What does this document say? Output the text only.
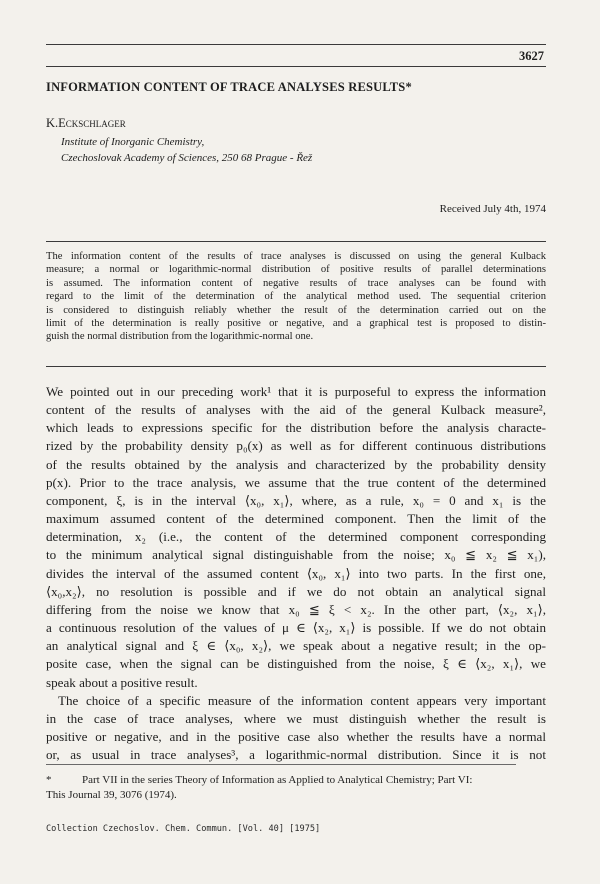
3627
INFORMATION CONTENT OF TRACE ANALYSES RESULTS*
K.Eckschlager
Institute of Inorganic Chemistry,
Czechoslovak Academy of Sciences, 250 68 Prague - Řež
Received July 4th, 1974
The information content of the results of trace analyses is discussed on using the general Kulback
measure; a normal or logarithmic-normal distribution of positive results of parallel determinations
is assumed. The information content of negative results of trace analyses can be found with
regard to the limit of the determination of the analytical method used. The sequential criterion
is considered to distinguish reliably whether the result of the determination carried out on the
limit of the determination is really positive or negative, and a graphical test is proposed to distin-
guish the normal distribution from the logarithmic-normal one.
We pointed out in our preceding work¹ that it is purposeful to express the information
content of the results of analyses with the aid of the general Kulback measure²,
which leads to expressions specific for the distribution before the analysis characte-
rized by the probability density p₀(x) as well as for different continuous distributions
of the results obtained by the analysis and characterized by the probability density
p(x). Prior to the trace analysis, we assume that the true content of the determined
component, ξ, is in the interval ⟨x₀, x₁⟩, where, as a rule, x₀ = 0 and x₁ is the
maximum assumed content of the determined component. Then the limit of the
determination, x₂ (i.e., the content of the determined component corresponding
to the minimum analytical signal distinguishable from the noise; x₀ ≦ x₂ ≦ x₁),
divides the interval of the assumed content ⟨x₀, x₁⟩ into two parts. In the first one,
⟨x₀,x₂⟩, no resolution is possible and if we do not obtain an analytical signal
differing from the noise we know that x₀ ≦ ξ < x₂. In the other part, ⟨x₂, x₁⟩,
a continuous resolution of the values of μ ∈ ⟨x₂, x₁⟩ is possible. If we do not obtain
an analytical signal and ξ ∈ ⟨x₀, x₂⟩, we speak about a negative result; in the op-
posite case, when the signal can be distinguished from the noise, ξ ∈ ⟨x₂, x₁⟩, we
speak about a positive result.
The choice of a specific measure of the information content appears very important
in the case of trace analyses, where we must distinguish whether the result is
positive or negative, and in the positive case also whether the results have a normal
or, as usual in trace analyses³, a logarithmic-normal distribution. Since it is not
*	Part VII in the series Theory of Information as Applied to Analytical Chemistry; Part VI:
This Journal 39, 3076 (1974).
Collection Czechoslov. Chem. Commun. [Vol. 40] [1975]
